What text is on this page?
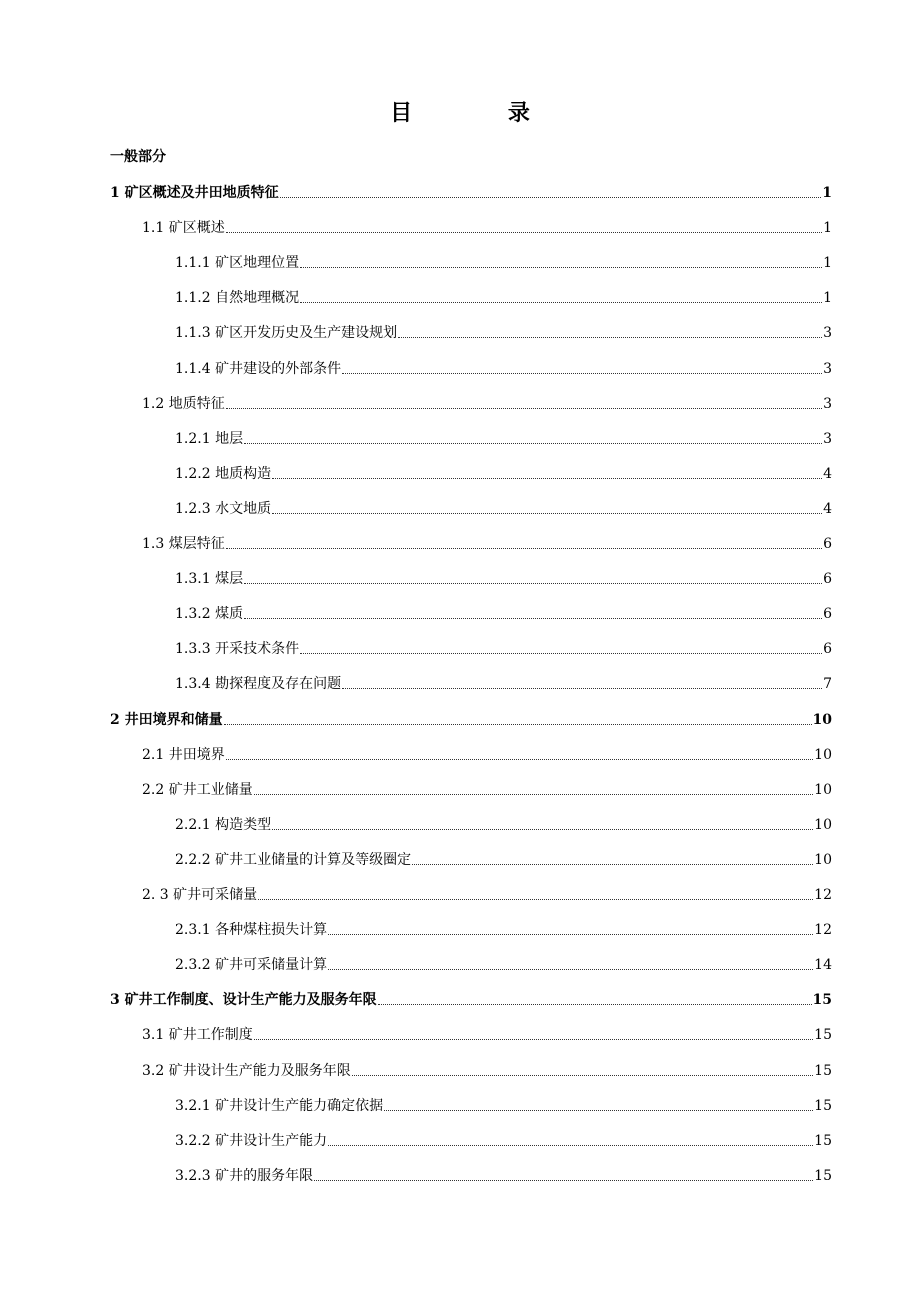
目 录
一般部分
1 矿区概述及井田地质特征	1
1.1 矿区概述	1
1.1.1 矿区地理位置	1
1.1.2 自然地理概况	1
1.1.3 矿区开发历史及生产建设规划	3
1.1.4 矿井建设的外部条件	3
1.2 地质特征	3
1.2.1 地层	3
1.2.2 地质构造	4
1.2.3 水文地质	4
1.3 煤层特征	6
1.3.1 煤层	6
1.3.2 煤质	6
1.3.3 开采技术条件	6
1.3.4 勘探程度及存在问题	7
2 井田境界和储量	10
2.1 井田境界	10
2.2 矿井工业储量	10
2.2.1 构造类型	10
2.2.2 矿井工业储量的计算及等级圈定	10
2. 3 矿井可采储量	12
2.3.1 各种煤柱损失计算	12
2.3.2 矿井可采储量计算	14
3 矿井工作制度、设计生产能力及服务年限	15
3.1 矿井工作制度	15
3.2 矿井设计生产能力及服务年限	15
3.2.1 矿井设计生产能力确定依据	15
3.2.2 矿井设计生产能力	15
3.2.3 矿井的服务年限	15
